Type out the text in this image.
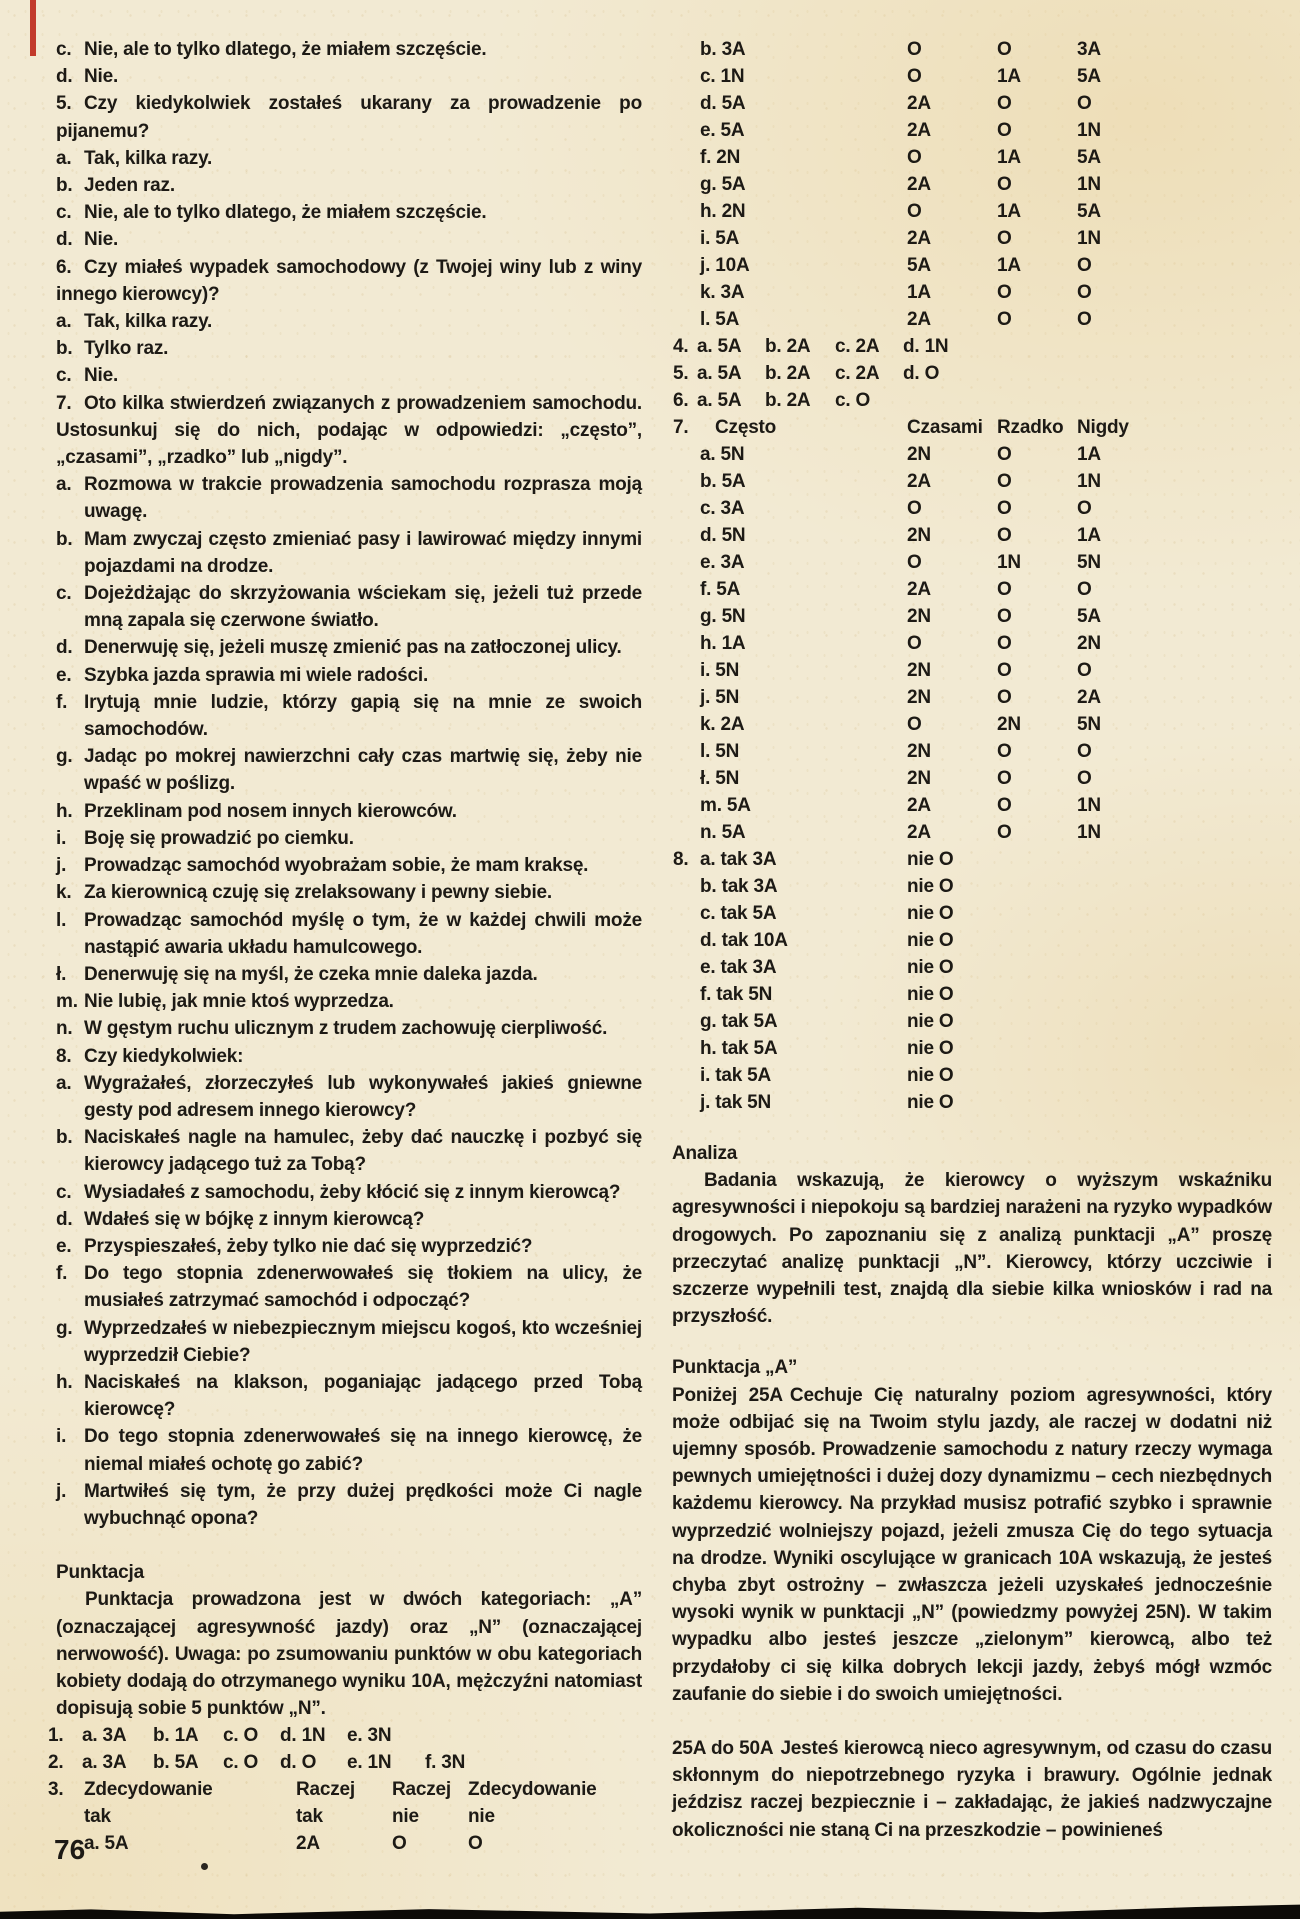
c. Nie, ale to tylko dlatego, że miałem szczęście.

d. Nie.

5. Czy kiedykolwiek zostałeś ukarany za prowadzenie po pijanemu?

a. Tak, kilka razy.

b. Jeden raz.

c. Nie, ale to tylko dlatego, że miałem szczęście.

d. Nie.

6. Czy miałeś wypadek samochodowy (z Twojej winy lub z winy innego kierowcy)?

a. Tak, kilka razy.

b. Tylko raz.

c. Nie.

7. Oto kilka stwierdzeń związanych z prowadzeniem samochodu. Ustosunkuj się do nich, podając w odpowiedzi: „często”, „czasami”, „rzadko” lub „nigdy”.

a. Rozmowa w trakcie prowadzenia samochodu rozprasza moją uwagę.

b. Mam zwyczaj często zmieniać pasy i lawirować między innymi pojazdami na drodze.

c. Dojeżdżając do skrzyżowania wściekam się, jeżeli tuż przede mną zapala się czerwone światło.

d. Denerwuję się, jeżeli muszę zmienić pas na zatłoczonej ulicy.

e. Szybka jazda sprawia mi wiele radości.

f. Irytują mnie ludzie, którzy gapią się na mnie ze swoich samochodów.

g. Jadąc po mokrej nawierzchni cały czas martwię się, żeby nie wpaść w poślizg.

h. Przeklinam pod nosem innych kierowców.

i. Boję się prowadzić po ciemku.

j. Prowadząc samochód wyobrażam sobie, że mam kraksę.

k. Za kierownicą czuję się zrelaksowany i pewny siebie.

l. Prowadząc samochód myślę o tym, że w każdej chwili może nastąpić awaria układu hamulcowego.

ł. Denerwuję się na myśl, że czeka mnie daleka jazda.

m. Nie lubię, jak mnie ktoś wyprzedza.

n. W gęstym ruchu ulicznym z trudem zachowuję cierpliwość.

8. Czy kiedykolwiek:

a. Wygrażałeś, złorzeczyłeś lub wykonywałeś jakieś gniewne gesty pod adresem innego kierowcy?

b. Naciskałeś nagle na hamulec, żeby dać nauczkę i pozbyć się kierowcy jadącego tuż za Tobą?

c. Wysiadałeś z samochodu, żeby kłócić się z innym kierowcą?

d. Wdałeś się w bójkę z innym kierowcą?

e. Przyspieszałeś, żeby tylko nie dać się wyprzedzić?

f. Do tego stopnia zdenerwowałeś się tłokiem na ulicy, że musiałeś zatrzymać samochód i odpocząć?

g. Wyprzedzałeś w niebezpiecznym miejscu kogoś, kto wcześniej wyprzedził Ciebie?

h. Naciskałeś na klakson, poganiając jadącego przed Tobą kierowcę?

i. Do tego stopnia zdenerwowałeś się na innego kierowcę, że niemal miałeś ochotę go zabić?

j. Martwiłeś się tym, że przy dużej prędkości może Ci nagle wybuchnąć opona?

Punktacja

Punktacja prowadzona jest w dwóch kategoriach: „A” (oznaczającej agresywność jazdy) oraz „N” (oznaczającej nerwowość). Uwaga: po zsumowaniu punktów w obu kategoriach kobiety dodają do otrzymanego wyniku 10A, mężczyźni natomiast dopisują sobie 5 punktów „N”.

1. a. 3A b. 1A c. O d. 1N e. 3N
2. a. 3A b. 5A c. O d. O	f. 3N
e. 1N
3. Zdecydowanie	Raczej Raczej Zdecydowanie
tak	tak	nie	nie
a. 5A	2A	O	O
b. 3A	O	O	3A
c. 1N	O	1A	5A
d. 5A	2A	O	O
e. 5A	2A	O	1N
f. 2N	O	1A	5A
g. 5A	2A	O	1N
h. 2N	O	1A	5A
i. 5A	2A	O	1N
j. 10A	5A	1A	O
k. 3A	1A	O	O
l. 5A	2A	O	O
4. a. 5A b. 2A c. 2A d. 1N
5. a. 5A b. 2A c. 2A d. O
6. a. 5A b. 2A c. O
7. Często	Czasami Rzadko Nigdy
a. 5N	2N	O	1A
b. 5A	2A	O	1N
c. 3A	O	O	O
d. 5N	2N	O	1A
e. 3A	O	1N	5N
f. 5A	2A	O	O
g. 5N	2N	O	5A
h. 1A	O	O	2N
i. 5N	2N	O	O
j. 5N	2N	O	2A
k. 2A	O	2N	5N
l. 5N	2N	O	O
ł. 5N	2N	O	O
m. 5A	2A	O	1N
n. 5A	2A	O	1N
8. a. tak 3A	nie O
b. tak 3A	nie O
c. tak 5A	nie O
d. tak 10A	nie O
e. tak 3A	nie O
f. tak 5N	nie O
g. tak 5A	nie O
h. tak 5A	nie O
i. tak 5A	nie O
j. tak 5N	nie O
Analiza

Badania wskazują, że kierowcy o wyższym wskaźniku agresywności i niepokoju są bardziej narażeni na ryzyko wypadków drogowych. Po zapoznaniu się z analizą punktacji „A” proszę przeczytać analizę punktacji „N”. Kierowcy, którzy uczciwie i szczerze wypełnili test, znajdą dla siebie kilka wniosków i rad na przyszłość.

Punktacja „A”

Poniżej 25A Cechuje Cię naturalny poziom agresywności, który może odbijać się na Twoim stylu jazdy, ale raczej w dodatni niż ujemny sposób. Prowadzenie samochodu z natury rzeczy wymaga pewnych umiejętności i dużej dozy dynamizmu – cech niezbędnych każdemu kierowcy. Na przykład musisz potrafić szybko i sprawnie wyprzedzić wolniejszy pojazd, jeżeli zmusza Cię do tego sytuacja na drodze. Wyniki oscylujące w granicach 10A wskazują, że jesteś chyba zbyt ostrożny – zwłaszcza jeżeli uzyskałeś jednocześnie wysoki wynik w punktacji „N” (powiedzmy powyżej 25N). W takim wypadku albo jesteś jeszcze „zielonym” kierowcą, albo też przydałoby ci się kilka dobrych lekcji jazdy, żebyś mógł wzmóc zaufanie do siebie i do swoich umiejętności.

25A do 50A Jesteś kierowcą nieco agresywnym, od czasu do czasu skłonnym do niepotrzebnego ryzyka i brawury. Ogólnie jednak jeździsz raczej bezpiecznie i – zakładając, że jakieś nadzwyczajne okoliczności nie staną Ci na przeszkodzie – powinieneś

76
